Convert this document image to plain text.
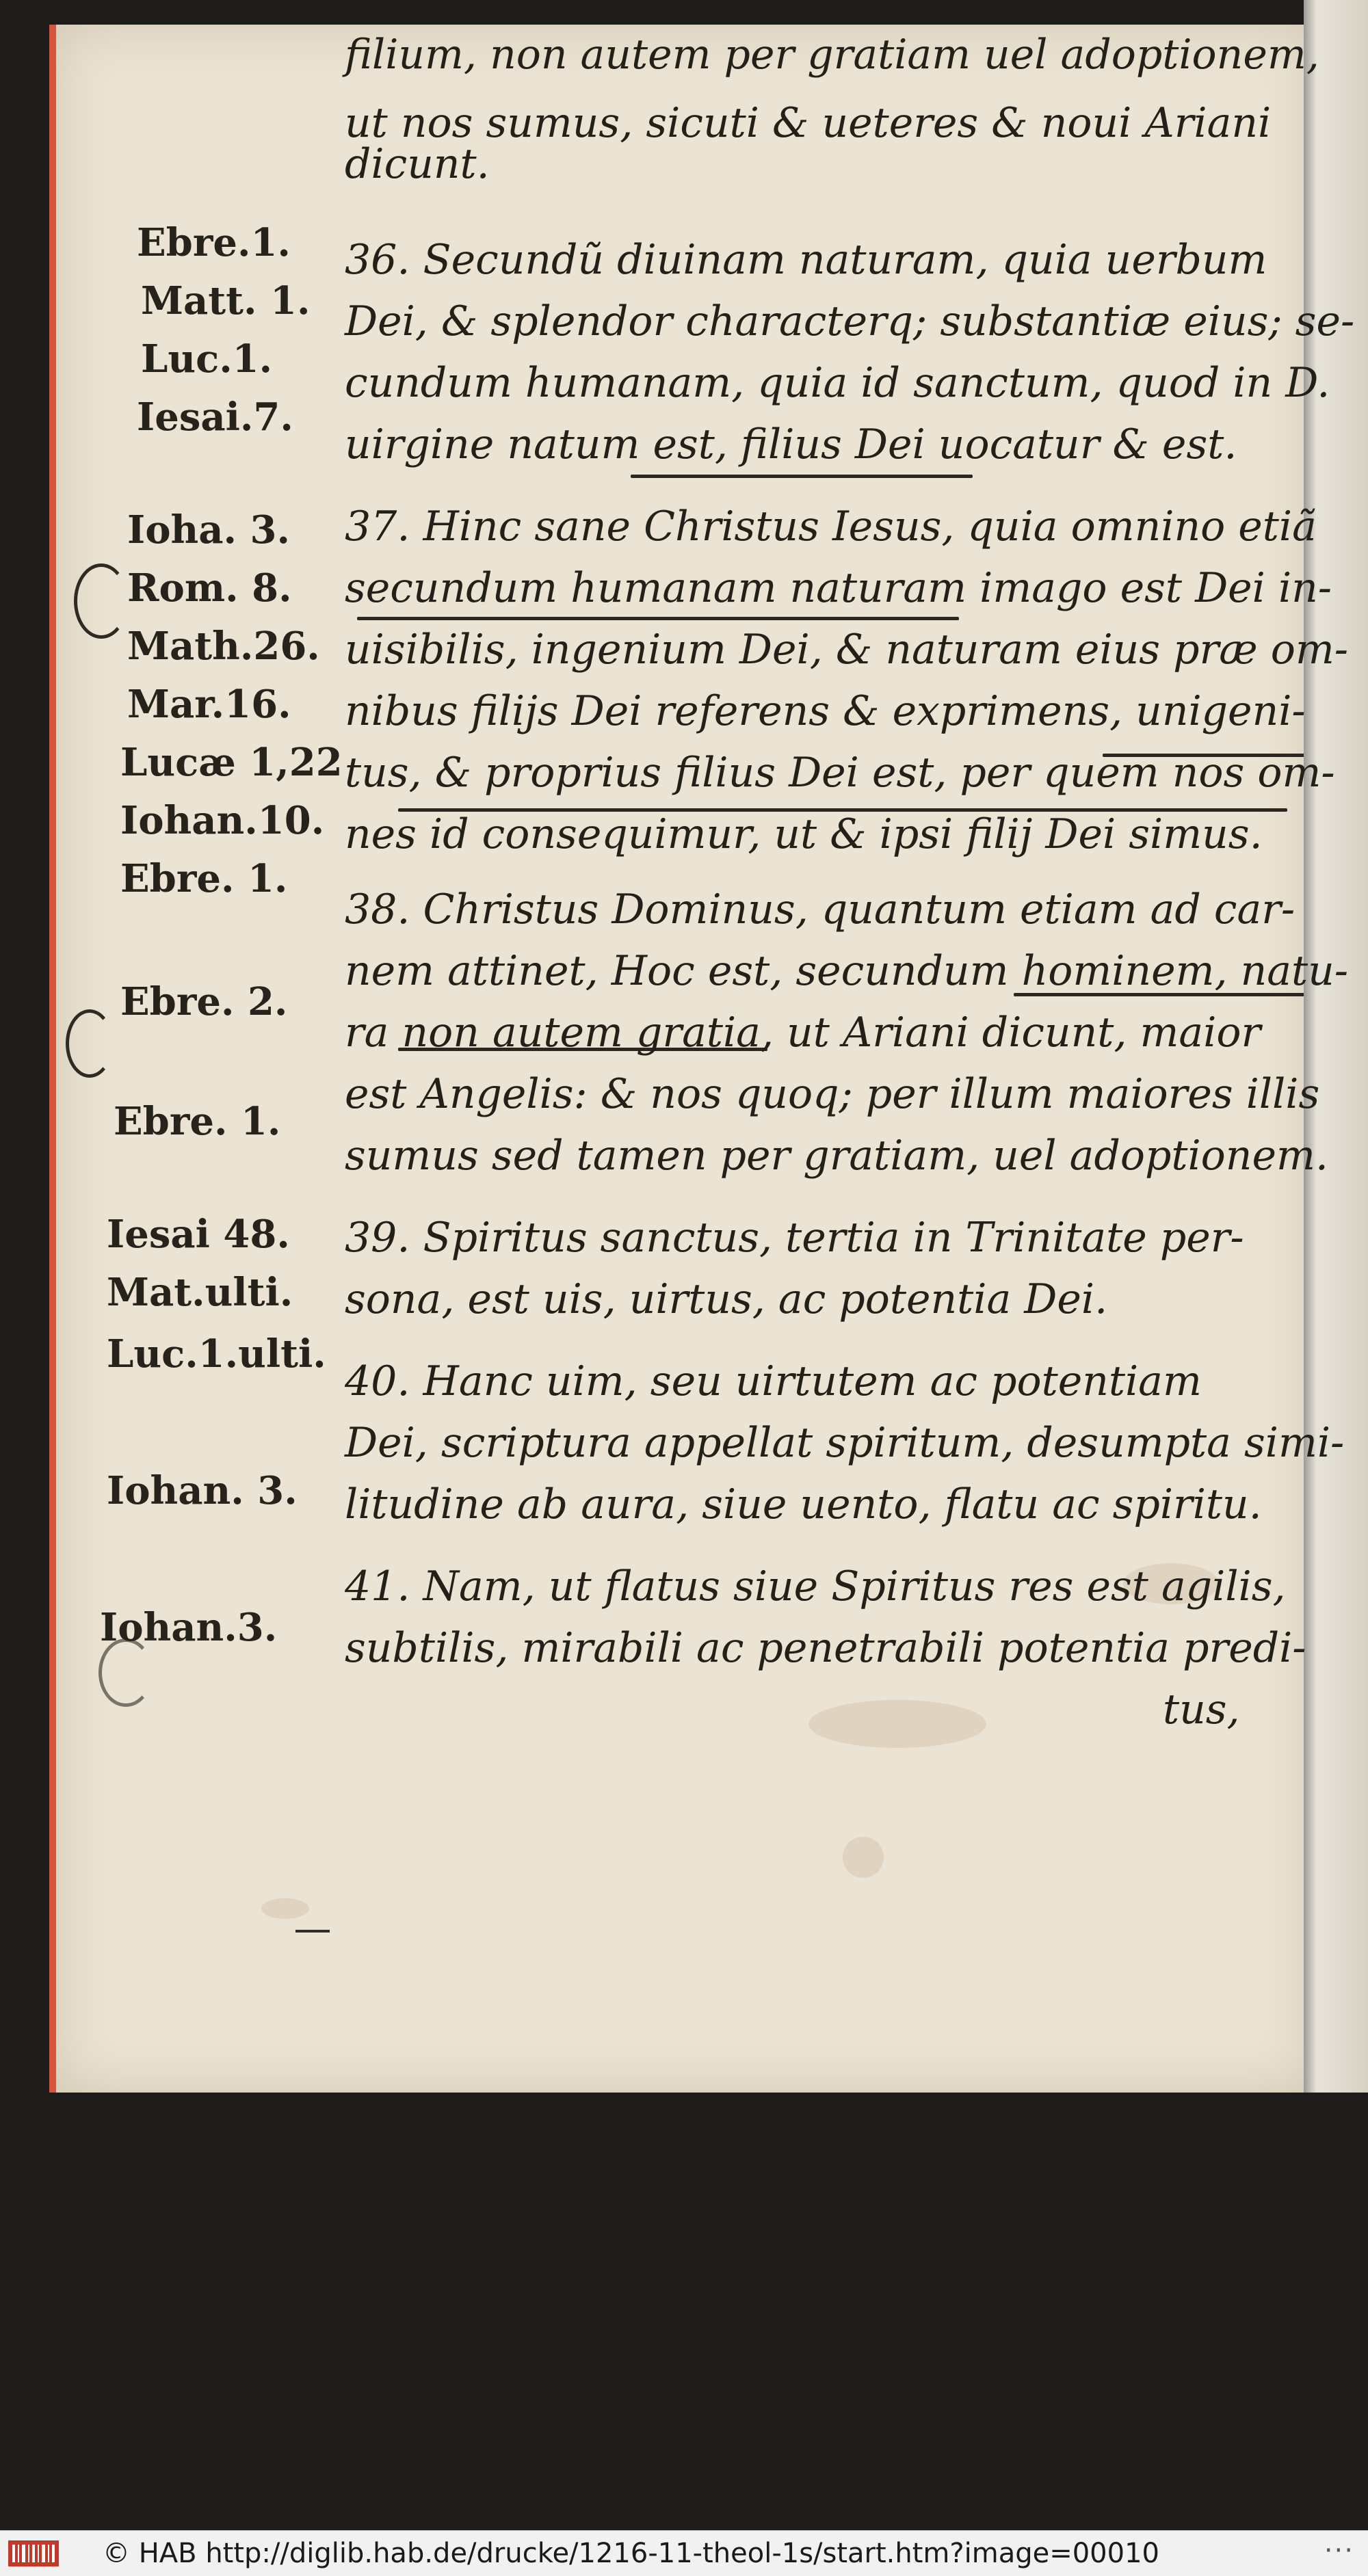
filium, non autem per gratiam uel adoptionem,

ut nos sumus, sicuti & ueteres & noui Ariani

dicunt.

36. Secundũ diuinam naturam, quia uerbum

Dei, & splendor characterq; substantiæ eius; se-

cundum humanam, quia id sanctum, quod in D.

uirgine natum est, filius Dei uocatur & est.

37. Hinc sane Christus Iesus, quia omnino etiã

secundum humanam naturam imago est Dei in-

uisibilis, ingenium Dei, & naturam eius præ om-

nibus filijs Dei referens & exprimens, unigeni-

tus, & proprius filius Dei est, per quem nos om-

nes id consequimur, ut & ipsi filij Dei simus.

38. Christus Dominus, quantum etiam ad car-

nem attinet, Hoc est, secundum hominem, natu-

ra non autem gratia, ut Ariani dicunt, maior

est Angelis: & nos quoq; per illum maiores illis

sumus sed tamen per gratiam, uel adoptionem.

39. Spiritus sanctus, tertia in Trinitate per-

sona, est uis, uirtus, ac potentia Dei.

40. Hanc uim, seu uirtutem ac potentiam

Dei, scriptura appellat spiritum, desumpta simi-

litudine ab aura, siue uento, flatu ac spiritu.

41. Nam, ut flatus siue Spiritus res est agilis,

subtilis, mirabili ac penetrabili potentia predi-

tus,

Ebre.1.

Matt. 1.

Luc.1.

Iesai.7.

Ioha. 3.

Rom. 8.

Math.26.

Mar.16.

Lucæ 1,22

Iohan.10.

Ebre. 1.

Ebre. 2.

Ebre. 1.

Iesai 48.

Mat.ulti.

Luc.1.ulti.

Iohan. 3.

Iohan.3.

© HAB http://diglib.hab.de/drucke/1216-11-theol-1s/start.htm?image=00010	···
